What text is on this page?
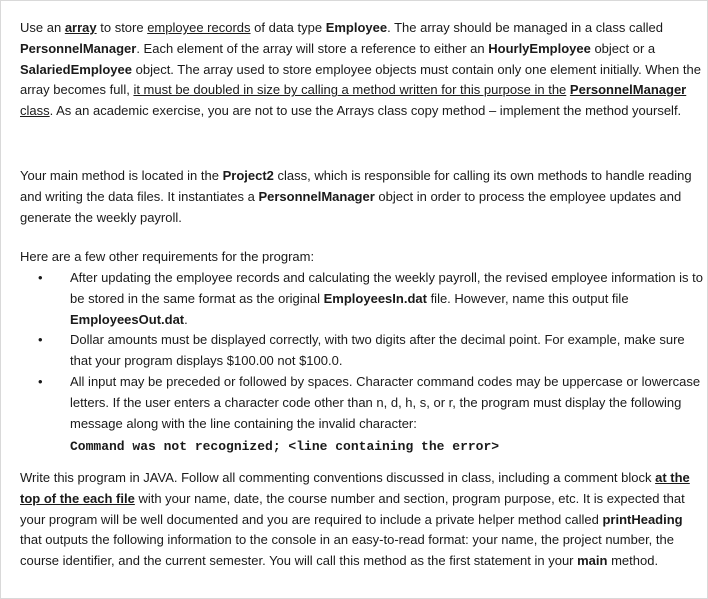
Use an array to store employee records of data type Employee. The array should be managed in a class called PersonnelManager. Each element of the array will store a reference to either an HourlyEmployee object or a SalariedEmployee object. The array used to store employee objects must contain only one element initially. When the array becomes full, it must be doubled in size by calling a method written for this purpose in the PersonnelManager class. As an academic exercise, you are not to use the Arrays class copy method – implement the method yourself.

Your main method is located in the Project2 class, which is responsible for calling its own methods to handle reading and writing the data files. It instantiates a PersonnelManager object in order to process the employee updates and generate the weekly payroll.

Here are a few other requirements for the program:

• After updating the employee records and calculating the weekly payroll, the revised employee information is to be stored in the same format as the original EmployeesIn.dat file. However, name this output file EmployeesOut.dat.
• Dollar amounts must be displayed correctly, with two digits after the decimal point. For example, make sure that your program displays $100.00 not $100.0.
• All input may be preceded or followed by spaces. Character command codes may be uppercase or lowercase letters. If the user enters a character code other than n, d, h, s, or r, the program must display the following message along with the line containing the invalid character:
Command was not recognized; <line containing the error>

Write this program in JAVA. Follow all commenting conventions discussed in class, including a comment block at the top of the each file with your name, date, the course number and section, program purpose, etc. It is expected that your program will be well documented and you are required to include a private helper method called printHeading that outputs the following information to the console in an easy-to-read format: your name, the project number, the course identifier, and the current semester. You will call this method as the first statement in your main method.
